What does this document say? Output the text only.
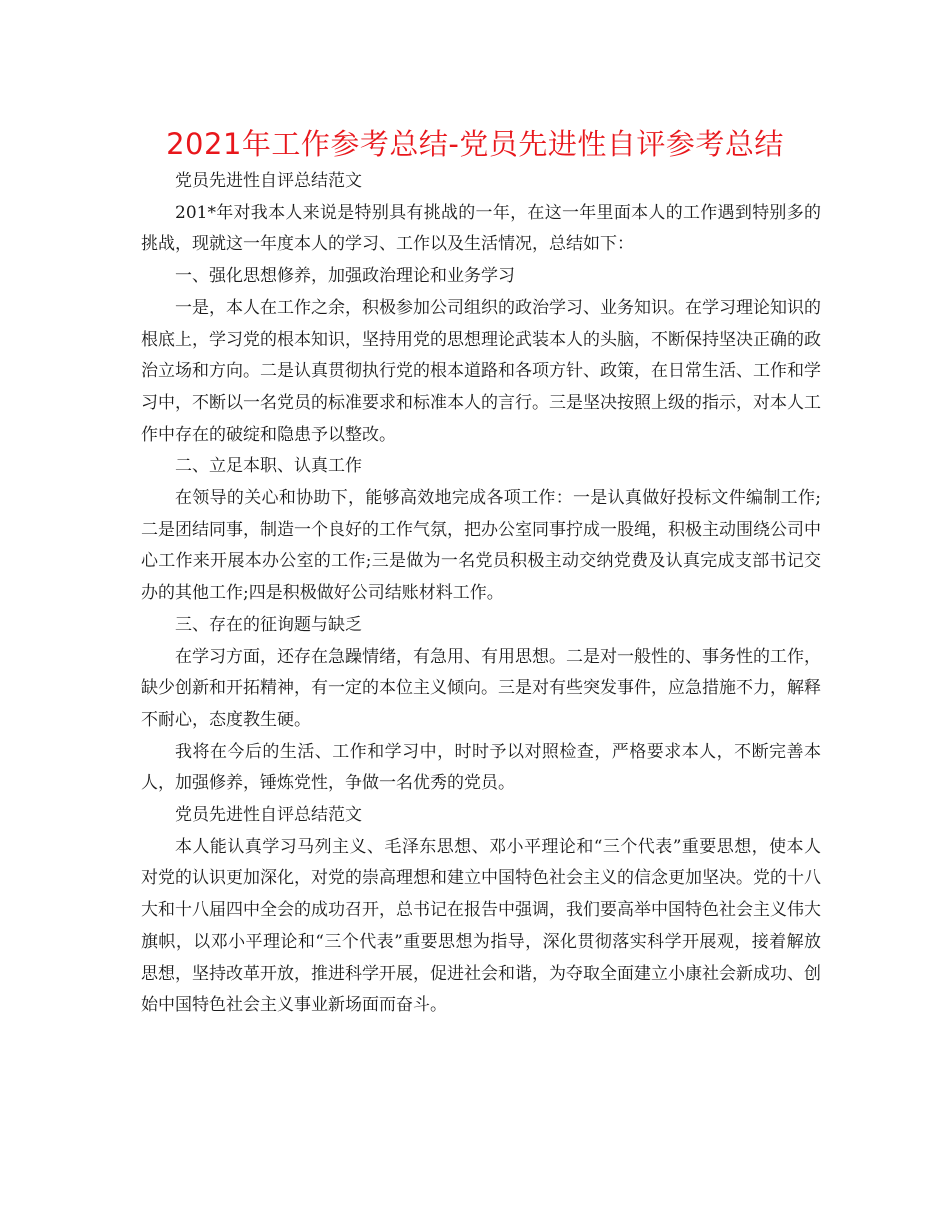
2021年工作参考总结-党员先进性自评参考总结

党员先进性自评总结范文

201*年对我本人来说是特别具有挑战的一年，在这一年里面本人的工作遇到特别多的挑战，现就这一年度本人的学习、工作以及生活情况，总结如下：

一、强化思想修养，加强政治理论和业务学习

一是，本人在工作之余，积极参加公司组织的政治学习、业务知识。在学习理论知识的根底上，学习党的根本知识，坚持用党的思想理论武装本人的头脑，不断保持坚决正确的政治立场和方向。二是认真贯彻执行党的根本道路和各项方针、政策，在日常生活、工作和学习中，不断以一名党员的标准要求和标准本人的言行。三是坚决按照上级的指示，对本人工作中存在的破绽和隐患予以整改。

二、立足本职、认真工作

在领导的关心和协助下，能够高效地完成各项工作：一是认真做好投标文件编制工作;二是团结同事，制造一个良好的工作气氛，把办公室同事拧成一股绳，积极主动围绕公司中心工作来开展本办公室的工作;三是做为一名党员积极主动交纳党费及认真完成支部书记交办的其他工作;四是积极做好公司结账材料工作。

三、存在的征询题与缺乏

在学习方面，还存在急躁情绪，有急用、有用思想。二是对一般性的、事务性的工作，缺少创新和开拓精神，有一定的本位主义倾向。三是对有些突发事件，应急措施不力，解释不耐心，态度教生硬。

我将在今后的生活、工作和学习中，时时予以对照检查，严格要求本人，不断完善本人，加强修养，锤炼党性，争做一名优秀的党员。

党员先进性自评总结范文

本人能认真学习马列主义、毛泽东思想、邓小平理论和“三个代表”重要思想，使本人对党的认识更加深化，对党的崇高理想和建立中国特色社会主义的信念更加坚决。党的十八大和十八届四中全会的成功召开，总书记在报告中强调，我们要高举中国特色社会主义伟大旗帜，以邓小平理论和“三个代表”重要思想为指导，深化贯彻落实科学开展观，接着解放思想，坚持改革开放，推进科学开展，促进社会和谐，为夺取全面建立小康社会新成功、创始中国特色社会主义事业新场面而奋斗。
